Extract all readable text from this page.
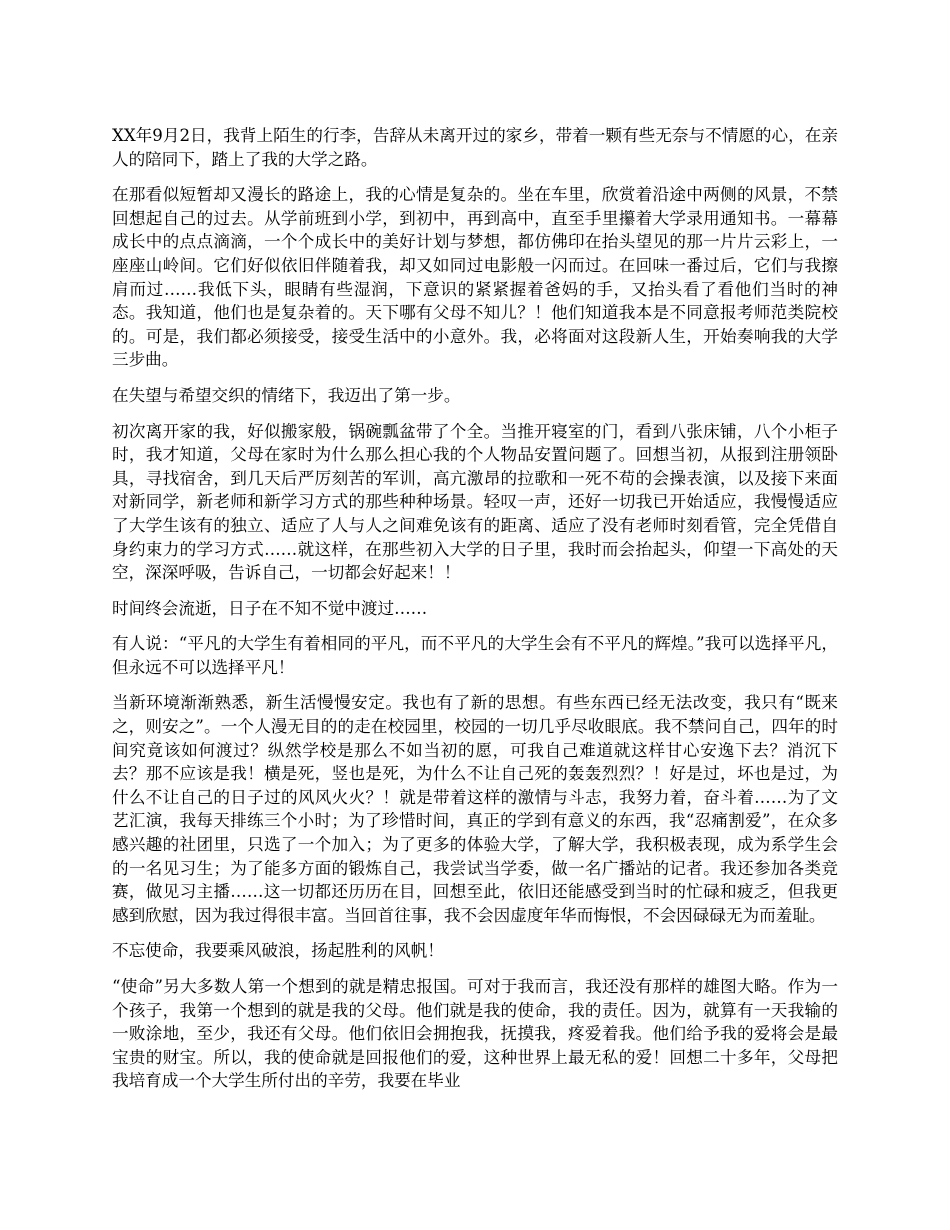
XX年9月2日，我背上陌生的行李，告辞从未离开过的家乡，带着一颗有些无奈与不情愿的心，在亲人的陪同下，踏上了我的大学之路。

在那看似短暂却又漫长的路途上，我的心情是复杂的。坐在车里，欣赏着沿途中两侧的风景，不禁回想起自己的过去。从学前班到小学，到初中，再到高中，直至手里攥着大学录用通知书。一幕幕成长中的点点滴滴，一个个成长中的美好计划与梦想，都仿佛印在抬头望见的那一片片云彩上，一座座山岭间。它们好似依旧伴随着我，却又如同过电影般一闪而过。在回味一番过后，它们与我擦肩而过……我低下头，眼睛有些湿润，下意识的紧紧握着爸妈的手，又抬头看了看他们当时的神态。我知道，他们也是复杂着的。天下哪有父母不知儿？！他们知道我本是不同意报考师范类院校的。可是，我们都必须接受，接受生活中的小意外。我，必将面对这段新人生，开始奏响我的大学三步曲。

在失望与希望交织的情绪下，我迈出了第一步。

初次离开家的我，好似搬家般，锅碗瓢盆带了个全。当推开寝室的门，看到八张床铺，八个小柜子时，我才知道，父母在家时为什么那么担心我的个人物品安置问题了。回想当初，从报到注册领卧具，寻找宿舍，到几天后严厉刻苦的军训，高亢激昂的拉歌和一死不苟的会操表演，以及接下来面对新同学，新老师和新学习方式的那些种种场景。轻叹一声，还好一切我已开始适应，我慢慢适应了大学生该有的独立、适应了人与人之间难免该有的距离、适应了没有老师时刻看管，完全凭借自身约束力的学习方式……就这样，在那些初入大学的日子里，我时而会抬起头，仰望一下高处的天空，深深呼吸，告诉自己，一切都会好起来！！

时间终会流逝，日子在不知不觉中渡过……

有人说：“平凡的大学生有着相同的平凡，而不平凡的大学生会有不平凡的辉煌。”我可以选择平凡，但永远不可以选择平凡！

当新环境渐渐熟悉，新生活慢慢安定。我也有了新的思想。有些东西已经无法改变，我只有“既来之，则安之”。一个人漫无目的的走在校园里，校园的一切几乎尽收眼底。我不禁问自己，四年的时间究竟该如何渡过？纵然学校是那么不如当初的愿，可我自己难道就这样甘心安逸下去？消沉下去？那不应该是我！横是死，竖也是死，为什么不让自己死的轰轰烈烈？！好是过，坏也是过，为什么不让自己的日子过的风风火火？！就是带着这样的激情与斗志，我努力着，奋斗着……为了文艺汇演，我每天排练三个小时；为了珍惜时间，真正的学到有意义的东西，我“忍痛割爱”，在众多感兴趣的社团里，只选了一个加入；为了更多的体验大学，了解大学，我积极表现，成为系学生会的一名见习生；为了能多方面的锻炼自己，我尝试当学委，做一名广播站的记者。我还参加各类竞赛，做见习主播……这一切都还历历在目，回想至此，依旧还能感受到当时的忙碌和疲乏，但我更感到欣慰，因为我过得很丰富。当回首往事，我不会因虚度年华而悔恨，不会因碌碌无为而羞耻。

不忘使命，我要乘风破浪，扬起胜利的风帆！

“使命”另大多数人第一个想到的就是精忠报国。可对于我而言，我还没有那样的雄图大略。作为一个孩子，我第一个想到的就是我的父母。他们就是我的使命，我的责任。因为，就算有一天我输的一败涂地，至少，我还有父母。他们依旧会拥抱我，抚摸我，疼爱着我。他们给予我的爱将会是最宝贵的财宝。所以，我的使命就是回报他们的爱，这种世界上最无私的爱！回想二十多年，父母把我培育成一个大学生所付出的辛劳，我要在毕业
